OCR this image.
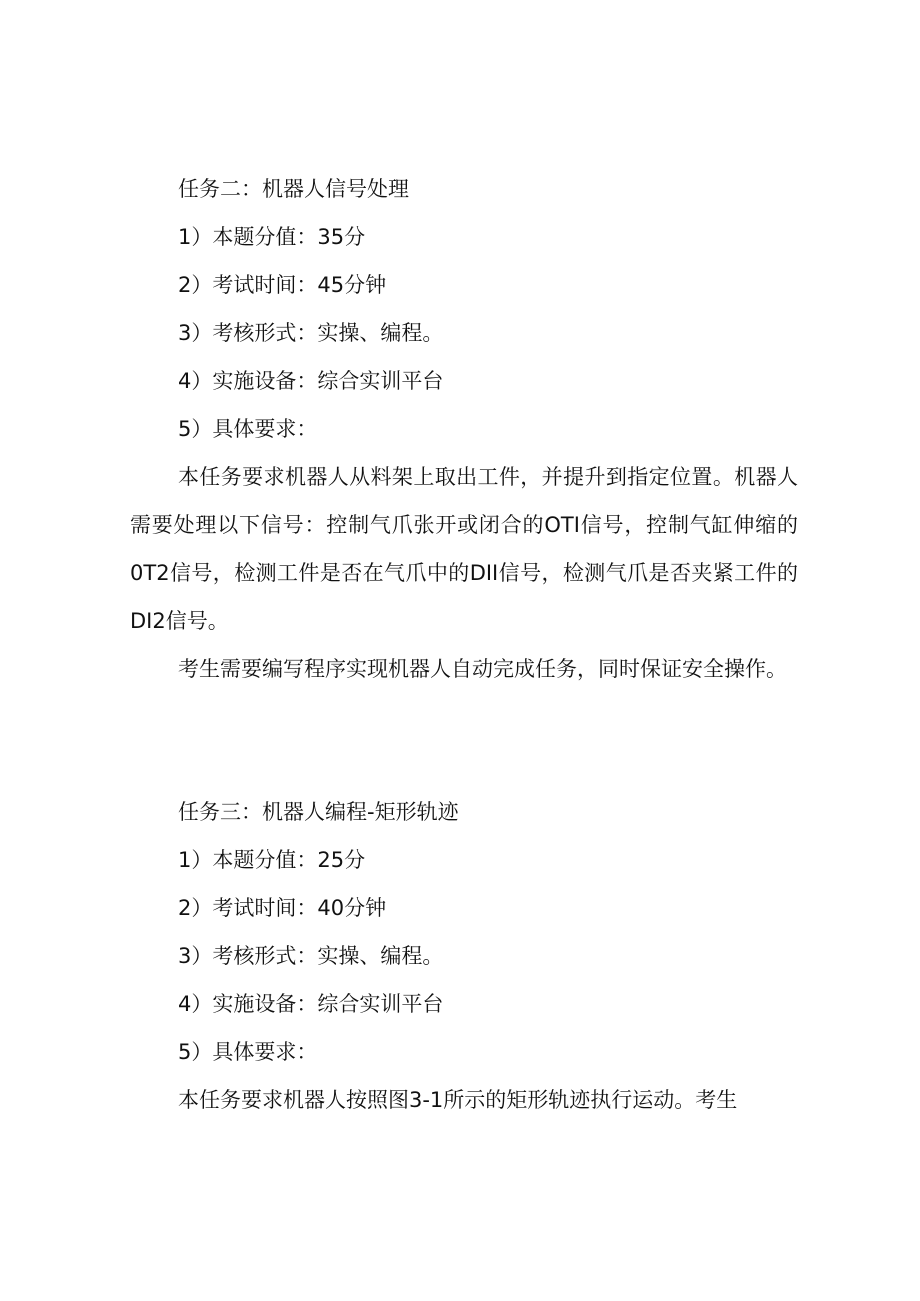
任务二：机器人信号处理
1）本题分值：35分
2）考试时间：45分钟
3）考核形式：实操、编程。
4）实施设备：综合实训平台
5）具体要求：
本任务要求机器人从料架上取出工件，并提升到指定位置。机器人需要处理以下信号：控制气爪张开或闭合的OTI信号，控制气缸伸缩的0T2信号，检测工件是否在气爪中的DII信号，检测气爪是否夹紧工件的DI2信号。
考生需要编写程序实现机器人自动完成任务，同时保证安全操作。
任务三：机器人编程-矩形轨迹
1）本题分值：25分
2）考试时间：40分钟
3）考核形式：实操、编程。
4）实施设备：综合实训平台
5）具体要求：
本任务要求机器人按照图3-1所示的矩形轨迹执行运动。考生
